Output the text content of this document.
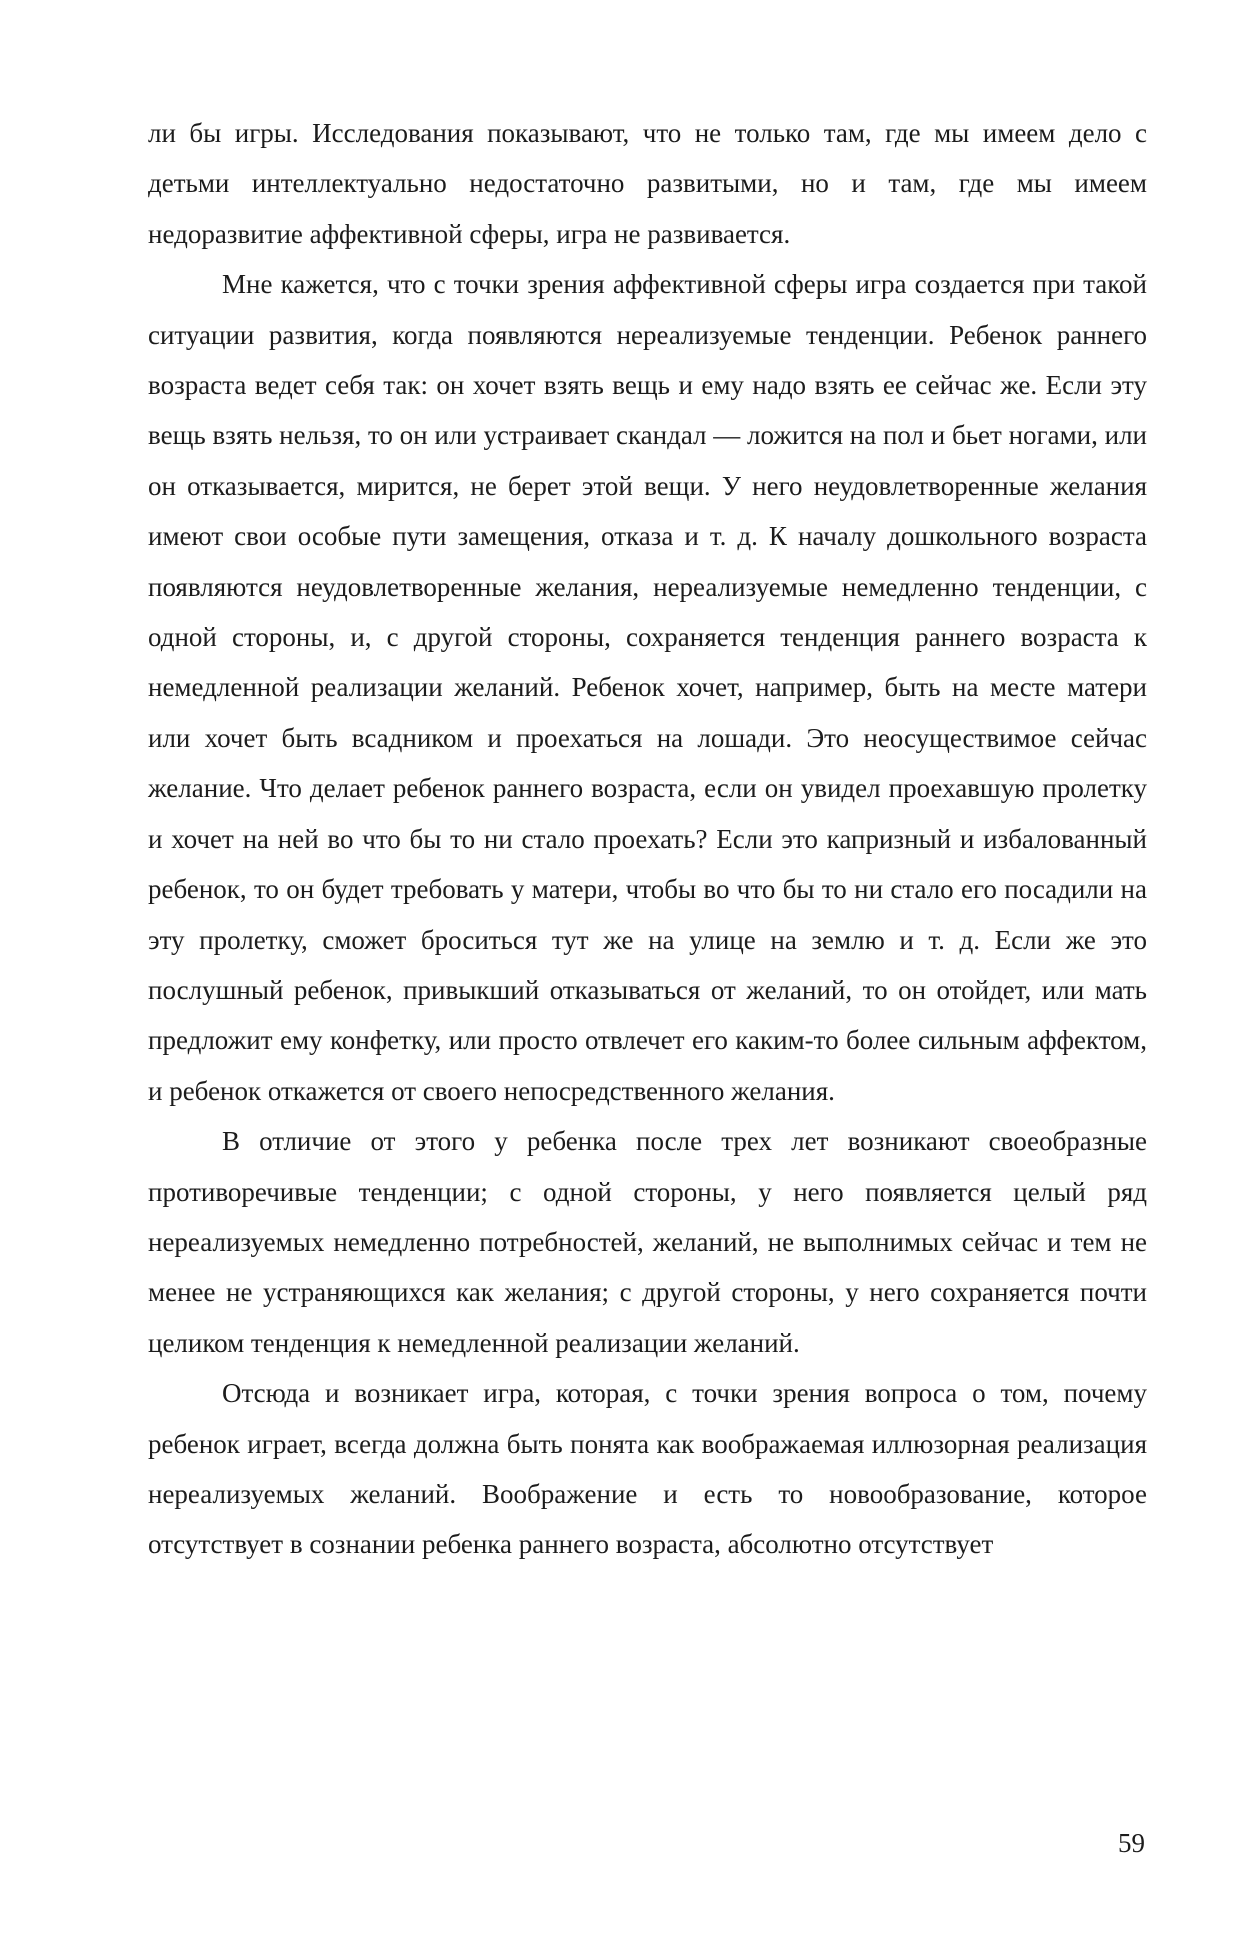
ли бы игры. Исследования показывают, что не только там, где мы имеем дело с детьми интеллектуально недостаточно развитыми, но и там, где мы имеем недоразвитие аффективной сферы, игра не развивается.

Мне кажется, что с точки зрения аффективной сферы игра создается при такой ситуации развития, когда появляются нереализуемые тенденции. Ребенок раннего возраста ведет себя так: он хочет взять вещь и ему надо взять ее сейчас же. Если эту вещь взять нельзя, то он или устраивает скандал — ложится на пол и бьет ногами, или он отказывается, мирится, не берет этой вещи. У него неудовлетворенные желания имеют свои особые пути замещения, отказа и т. д. К началу дошкольного возраста появляются неудовлетворенные желания, нереализуемые немедленно тенденции, с одной стороны, и, с другой стороны, сохраняется тенденция раннего возраста к немедленной реализации желаний. Ребенок хочет, например, быть на месте матери или хочет быть всадником и проехаться на лошади. Это неосуществимое сейчас желание. Что делает ребенок раннего возраста, если он увидел проехавшую пролетку и хочет на ней во что бы то ни стало проехать? Если это капризный и избалованный ребенок, то он будет требовать у матери, чтобы во что бы то ни стало его посадили на эту пролетку, сможет броситься тут же на улице на землю и т. д. Если же это послушный ребенок, привыкший отказываться от желаний, то он отойдет, или мать предложит ему конфетку, или просто отвлечет его каким-то более сильным аффектом, и ребенок откажется от своего непосредственного желания.

В отличие от этого у ребенка после трех лет возникают своеобразные противоречивые тенденции; с одной стороны, у него появляется целый ряд нереализуемых немедленно потребностей, желаний, не выполнимых сейчас и тем не менее не устраняющихся как желания; с другой стороны, у него сохраняется почти целиком тенденция к немедленной реализации желаний.

Отсюда и возникает игра, которая, с точки зрения вопроса о том, почему ребенок играет, всегда должна быть понята как воображаемая иллюзорная реализация нереализуемых желаний. Воображение и есть то новообразование, которое отсутствует в сознании ребенка раннего возраста, абсолютно отсутствует

59
